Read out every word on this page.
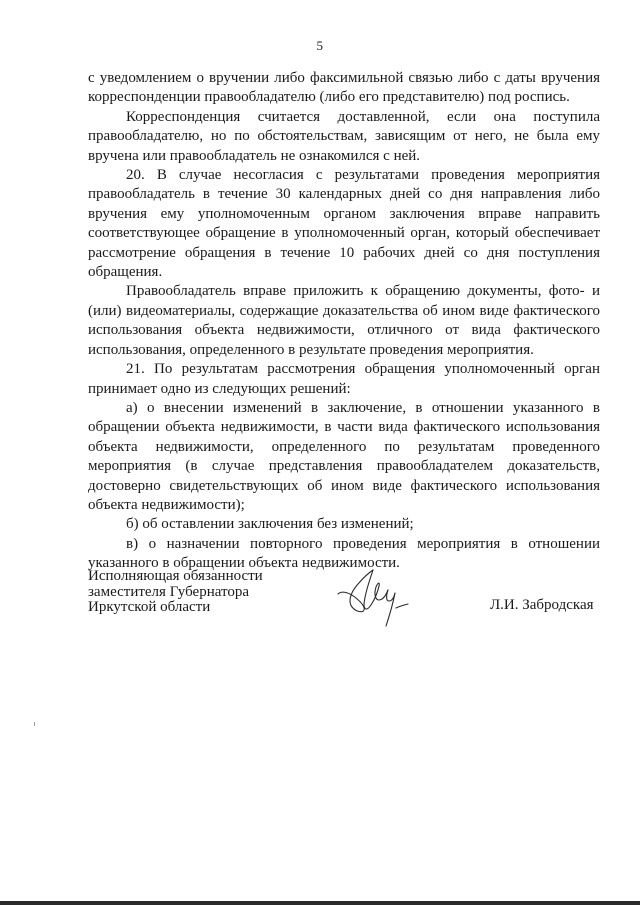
5

с уведомлением о вручении либо факсимильной связью либо с даты вручения корреспонденции правообладателю (либо его представителю) под роспись.

Корреспонденция считается доставленной, если она поступила правообладателю, но по обстоятельствам, зависящим от него, не была ему вручена или правообладатель не ознакомился с ней.

20. В случае несогласия с результатами проведения мероприятия правообладатель в течение 30 календарных дней со дня направления либо вручения ему уполномоченным органом заключения вправе направить соответствующее обращение в уполномоченный орган, который обеспечивает рассмотрение обращения в течение 10 рабочих дней со дня поступления обращения.

Правообладатель вправе приложить к обращению документы, фото- и (или) видеоматериалы, содержащие доказательства об ином виде фактического использования объекта недвижимости, отличного от вида фактического использования, определенного в результате проведения мероприятия.

21. По результатам рассмотрения обращения уполномоченный орган принимает одно из следующих решений:

а) о внесении изменений в заключение, в отношении указанного в обращении объекта недвижимости, в части вида фактического использования объекта недвижимости, определенного по результатам проведенного мероприятия (в случае представления правообладателем доказательств, достоверно свидетельствующих об ином виде фактического использования объекта недвижимости);

б) об оставлении заключения без изменений;

в) о назначении повторного проведения мероприятия в отношении указанного в обращении объекта недвижимости.

Исполняющая обязанности
заместителя Губернатора
Иркутской области	Л.И. Забродская
